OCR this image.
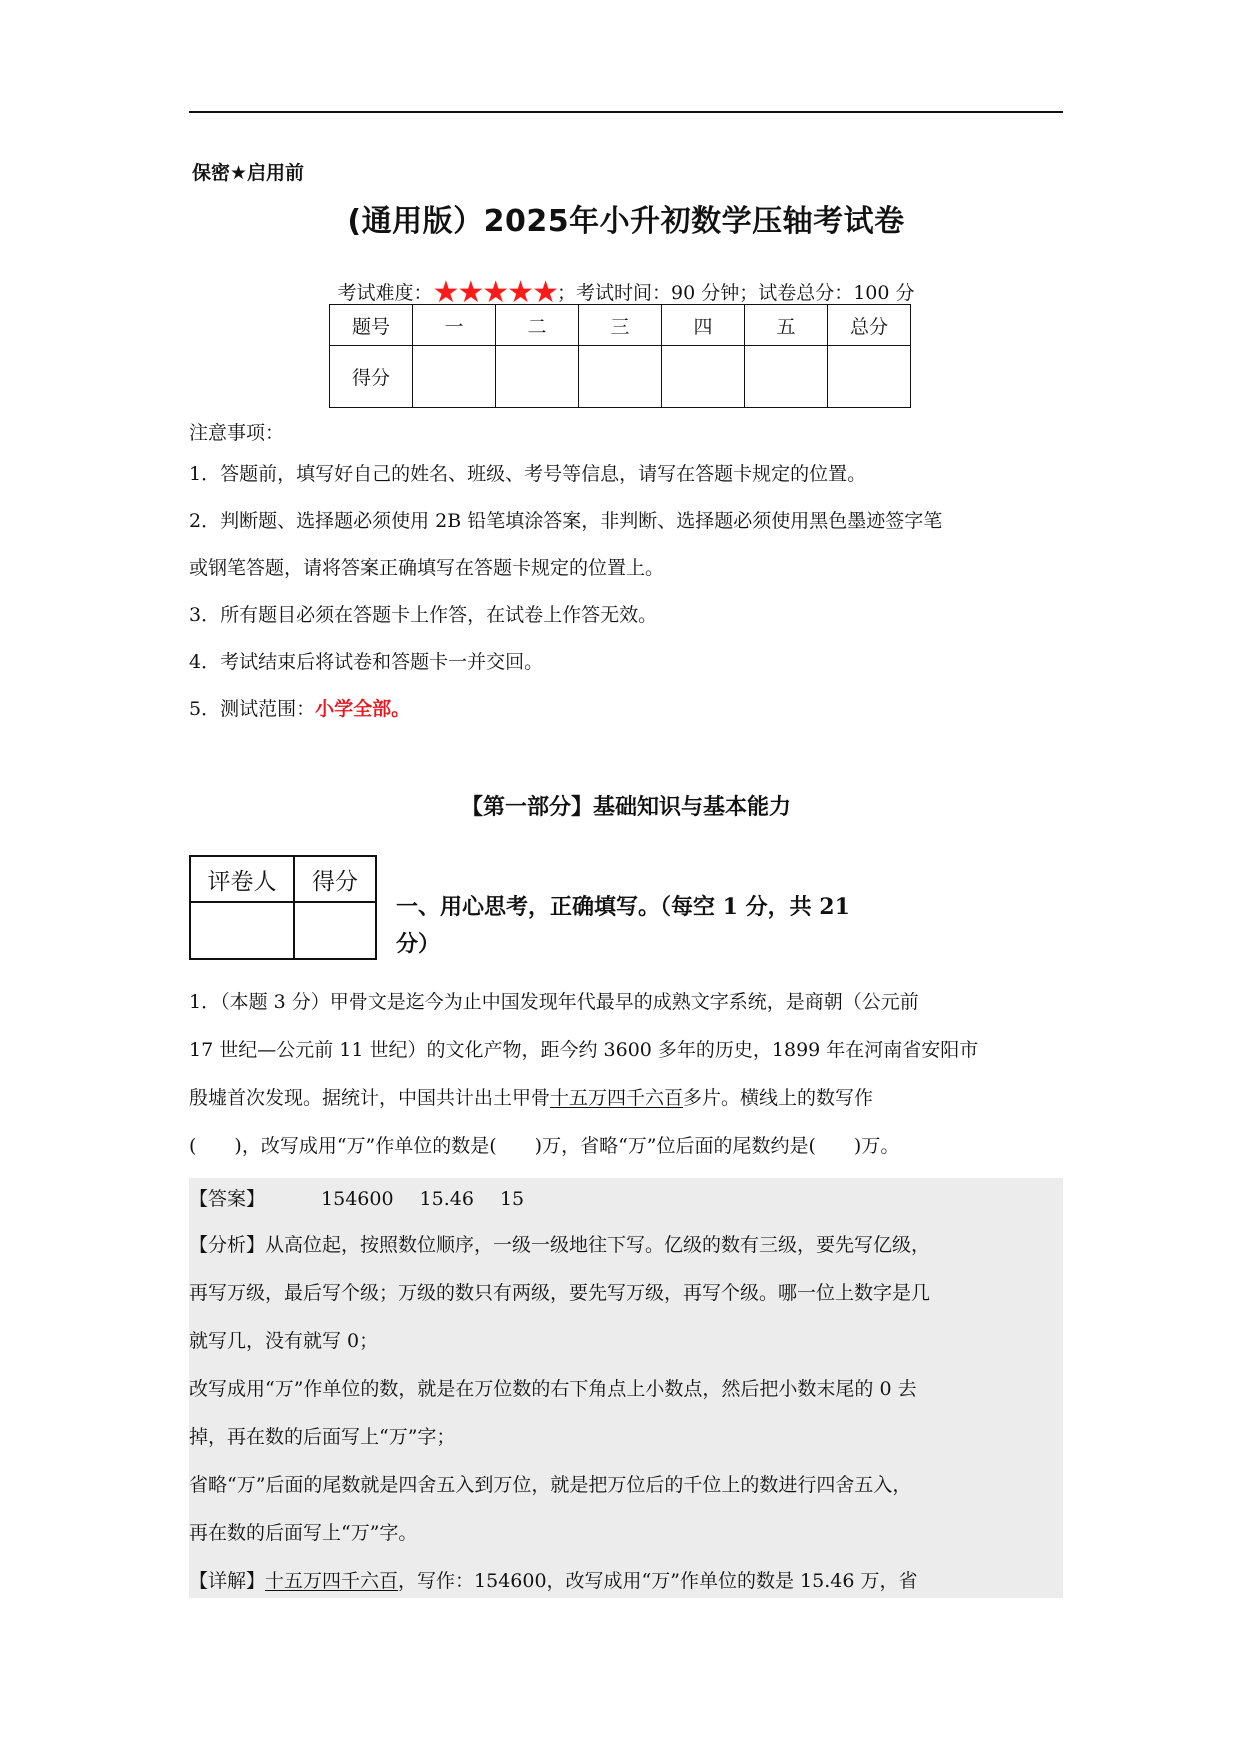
保密★启用前
(通用版）2025年小升初数学压轴考试卷
考试难度：★★★★★；考试时间：90 分钟；试卷总分：100 分
题号	一	二	三	四	五	总分
得分						
注意事项：
1．答题前，填写好自己的姓名、班级、考号等信息，请写在答题卡规定的位置。
2．判断题、选择题必须使用 2B 铅笔填涂答案，非判断、选择题必须使用黑色墨迹签字笔
或钢笔答题，请将答案正确填写在答题卡规定的位置上。
3．所有题目必须在答题卡上作答，在试卷上作答无效。
4．考试结束后将试卷和答题卡一并交回。
5．测试范围：小学全部。
【第一部分】基础知识与基本能力
评卷人	得分

一、用心思考，正确填写。（每空 1 分，共 21
分）
1．（本题 3 分）甲骨文是迄今为止中国发现年代最早的成熟文字系统，是商朝（公元前
17 世纪—公元前 11 世纪）的文化产物，距今约 3600 多年的历史，1899 年在河南省安阳市
殷墟首次发现。据统计，中国共计出土甲骨十五万四千六百多片。横线上的数写作
(　　)，改写成用“万”作单位的数是(　　)万，省略“万”位后面的尾数约是(　　)万。
【答案】	154600 15.46 15
【分析】从高位起，按照数位顺序，一级一级地往下写。亿级的数有三级，要先写亿级，
再写万级，最后写个级；万级的数只有两级，要先写万级，再写个级。哪一位上数字是几
就写几，没有就写 0；
改写成用“万”作单位的数，就是在万位数的右下角点上小数点，然后把小数末尾的 0 去
掉，再在数的后面写上“万”字；
省略“万”后面的尾数就是四舍五入到万位，就是把万位后的千位上的数进行四舍五入，
再在数的后面写上“万”字。
【详解】十五万四千六百，写作：154600，改写成用“万”作单位的数是 15.46 万，省
